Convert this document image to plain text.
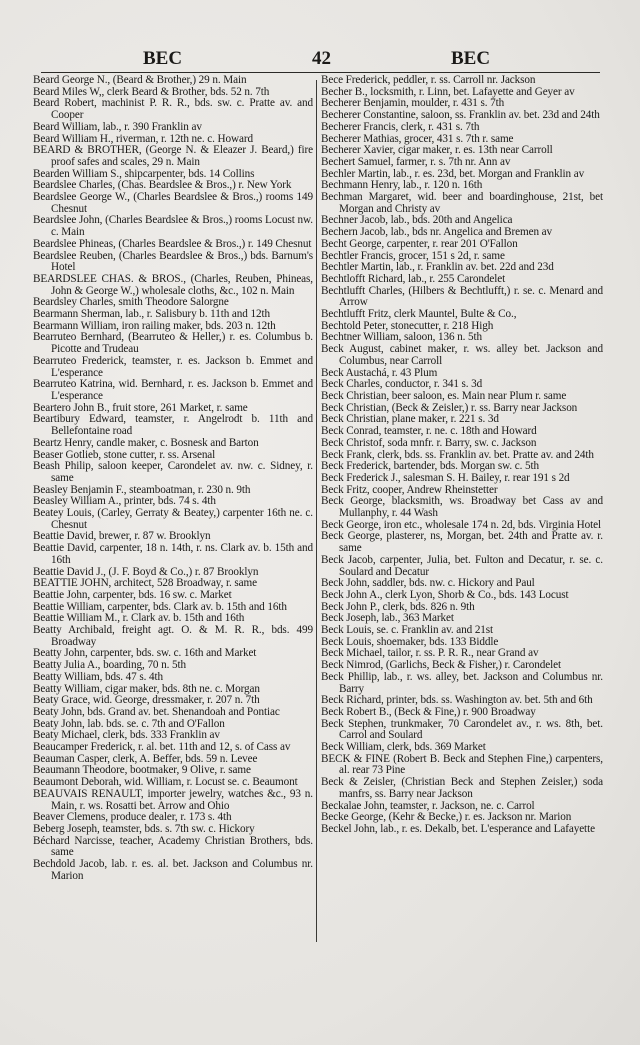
BEC	42	BEC

Beard George N., (Beard & Brother,) 29 n. Main

Beard Miles W,, clerk Beard & Brother, bds. 52 n. 7th

Beard Robert, machinist P. R. R., bds. sw. c. Pratte av. and Cooper

Beard William, lab., r. 390 Franklin av

Beard William H., riverman, r. 12th ne. c. Howard

BEARD & BROTHER, (George N. & Eleazer J. Beard,) fire proof safes and scales, 29 n. Main

Bearden William S., shipcarpenter, bds. 14 Collins

Beardslee Charles, (Chas. Beardslee & Bros.,) r. New York

Beardslee George W., (Charles Beardslee & Bros.,) rooms 149 Chesnut

Beardslee John, (Charles Beardslee & Bros.,) rooms Locust nw. c. Main

Beardslee Phineas, (Charles Beardslee & Bros.,) r. 149 Chesnut

Beardslee Reuben, (Charles Beardslee & Bros.,) bds. Barnum's Hotel

BEARDSLEE CHAS. & BROS., (Charles, Reuben, Phineas, John & George W.,) wholesale cloths, &c., 102 n. Main

Beardsley Charles, smith Theodore Salorgne

Bearmann Sherman, lab., r. Salisbury b. 11th and 12th

Bearmann William, iron railing maker, bds. 203 n. 12th

Bearruteo Bernhard, (Bearruteo & Heller,) r. es. Columbus b. Picotte and Trudeau

Bearruteo Frederick, teamster, r. es. Jackson b. Emmet and L'esperance

Bearruteo Katrina, wid. Bernhard, r. es. Jackson b. Emmet and L'esperance

Beartero John B., fruit store, 261 Market, r. same

Beartibury Edward, teamster, r. Angelrodt b. 11th and Bellefontaine road

Beartz Henry, candle maker, c. Bosnesk and Barton

Beaser Gotlieb, stone cutter, r. ss. Arsenal

Beash Philip, saloon keeper, Carondelet av. nw. c. Sidney, r. same

Beasley Benjamin F., steamboatman, r. 230 n. 9th

Beasley William A., printer, bds. 74 s. 4th

Beatey Louis, (Carley, Gerraty & Beatey,) carpenter 16th ne. c. Chesnut

Beattie David, brewer, r. 87 w. Brooklyn

Beattie David, carpenter, 18 n. 14th, r. ns. Clark av. b. 15th and 16th

Beattie David J., (J. F. Boyd & Co.,) r. 87 Brooklyn

BEATTIE JOHN, architect, 528 Broadway, r. same

Beattie John, carpenter, bds. 16 sw. c. Market

Beattie William, carpenter, bds. Clark av. b. 15th and 16th

Beattie William M., r. Clark av. b. 15th and 16th

Beatty Archibald, freight agt. O. & M. R. R., bds. 499 Broadway

Beatty John, carpenter, bds. sw. c. 16th and Market

Beatty Julia A., boarding, 70 n. 5th

Beatty William, bds. 47 s. 4th

Beatty William, cigar maker, bds. 8th ne. c. Morgan

Beaty Grace, wid. George, dressmaker, r. 207 n. 7th

Beaty John, bds. Grand av. bet. Shenandoah and Pontiac

Beaty John, lab. bds. se. c. 7th and O'Fallon

Beaty Michael, clerk, bds. 333 Franklin av

Beaucamper Frederick, r. al. bet. 11th and 12, s. of Cass av

Beauman Casper, clerk, A. Beffer, bds. 59 n. Levee

Beaumann Theodore, bootmaker, 9 Olive, r. same

Beaumont Deborah, wid. William, r. Locust se. c. Beaumont

BEAUVAIS RENAULT, importer jewelry, watches &c., 93 n. Main, r. ws. Rosatti bet. Arrow and Ohio

Beaver Clemens, produce dealer, r. 173 s. 4th

Beberg Joseph, teamster, bds. s. 7th sw. c. Hickory

Béchard Narcisse, teacher, Academy Christian Brothers, bds. same

Bechdold Jacob, lab. r. es. al. bet. Jackson and Columbus nr. Marion

Bece Frederick, peddler, r. ss. Carroll nr. Jackson

Becher B., locksmith, r. Linn, bet. Lafayette and Geyer av

Becherer Benjamin, moulder, r. 431 s. 7th

Becherer Constantine, saloon, ss. Franklin av. bet. 23d and 24th

Becherer Francis, clerk, r. 431 s. 7th

Becherer Mathias, grocer, 431 s. 7th r. same

Becherer Xavier, cigar maker, r. es. 13th near Carroll

Bechert Samuel, farmer, r. s. 7th nr. Ann av

Bechler Martin, lab., r. es. 23d, bet. Morgan and Franklin av

Bechmann Henry, lab., r. 120 n. 16th

Bechman Margaret, wid. beer and boardinghouse, 21st, bet Morgan and Christy av

Bechner Jacob, lab., bds. 20th and Angelica

Bechern Jacob, lab., bds nr. Angelica and Bremen av

Becht George, carpenter, r. rear 201 O'Fallon

Bechtler Francis, grocer, 151 s 2d, r. same

Bechtler Martin, lab., r. Franklin av. bet. 22d and 23d

Bechtlofft Richard, lab., r. 255 Carondelet

Bechtlufft Charles, (Hilbers & Bechtlufft,) r. se. c. Menard and Arrow

Bechtlufft Fritz, clerk Mauntel, Bulte & Co.,

Bechtold Peter, stonecutter, r. 218 High

Bechtner William, saloon, 136 n. 5th

Beck August, cabinet maker, r. ws. alley bet. Jackson and Columbus, near Carroll

Beck Austachá, r. 43 Plum

Beck Charles, conductor, r. 341 s. 3d

Beck Christian, beer saloon, es. Main near Plum r. same

Beck Christian, (Beck & Zeisler,) r. ss. Barry near Jackson

Beck Christian, plane maker, r. 221 s. 3d

Beck Conrad, teamster, r. ne. c. 18th and Howard

Beck Christof, soda mnfr. r. Barry, sw. c. Jackson

Beck Frank, clerk, bds. ss. Franklin av. bet. Pratte av. and 24th

Beck Frederick, bartender, bds. Morgan sw. c. 5th

Beck Frederick J., salesman S. H. Bailey, r. rear 191 s 2d

Beck Fritz, cooper, Andrew Rheinstetter

Beck George, blacksmith, ws. Broadway bet Cass av and Mullanphy, r. 44 Wash

Beck George, iron etc., wholesale 174 n. 2d, bds. Virginia Hotel

Beck George, plasterer, ns, Morgan, bet. 24th and Pratte av. r. same

Beck Jacob, carpenter, Julia, bet. Fulton and Decatur, r. se. c. Soulard and Decatur

Beck John, saddler, bds. nw. c. Hickory and Paul

Beck John A., clerk Lyon, Shorb & Co., bds. 143 Locust

Beck John P., clerk, bds. 826 n. 9th

Beck Joseph, lab., 363 Market

Beck Louis, se. c. Franklin av. and 21st

Beck Louis, shoemaker, bds. 133 Biddle

Beck Michael, tailor, r. ss. P. R. R., near Grand av

Beck Nimrod, (Garlichs, Beck & Fisher,) r. Carondelet

Beck Phillip, lab., r. ws. alley, bet. Jackson and Columbus nr. Barry

Beck Richard, printer, bds. ss. Washington av. bet. 5th and 6th

Beck Robert B., (Beck & Fine,) r. 900 Broadway

Beck Stephen, trunkmaker, 70 Carondelet av., r. ws. 8th, bet. Carrol and Soulard

Beck William, clerk, bds. 369 Market

BECK & FINE (Robert B. Beck and Stephen Fine,) carpenters, al. rear 73 Pine

Beck & Zeisler, (Christian Beck and Stephen Zeisler,) soda manfrs, ss. Barry near Jackson

Beckalae John, teamster, r. Jackson, ne. c. Carrol

Becke George, (Kehr & Becke,) r. es. Jackson nr. Marion

Beckel John, lab., r. es. Dekalb, bet. L'esperance and Lafayette
